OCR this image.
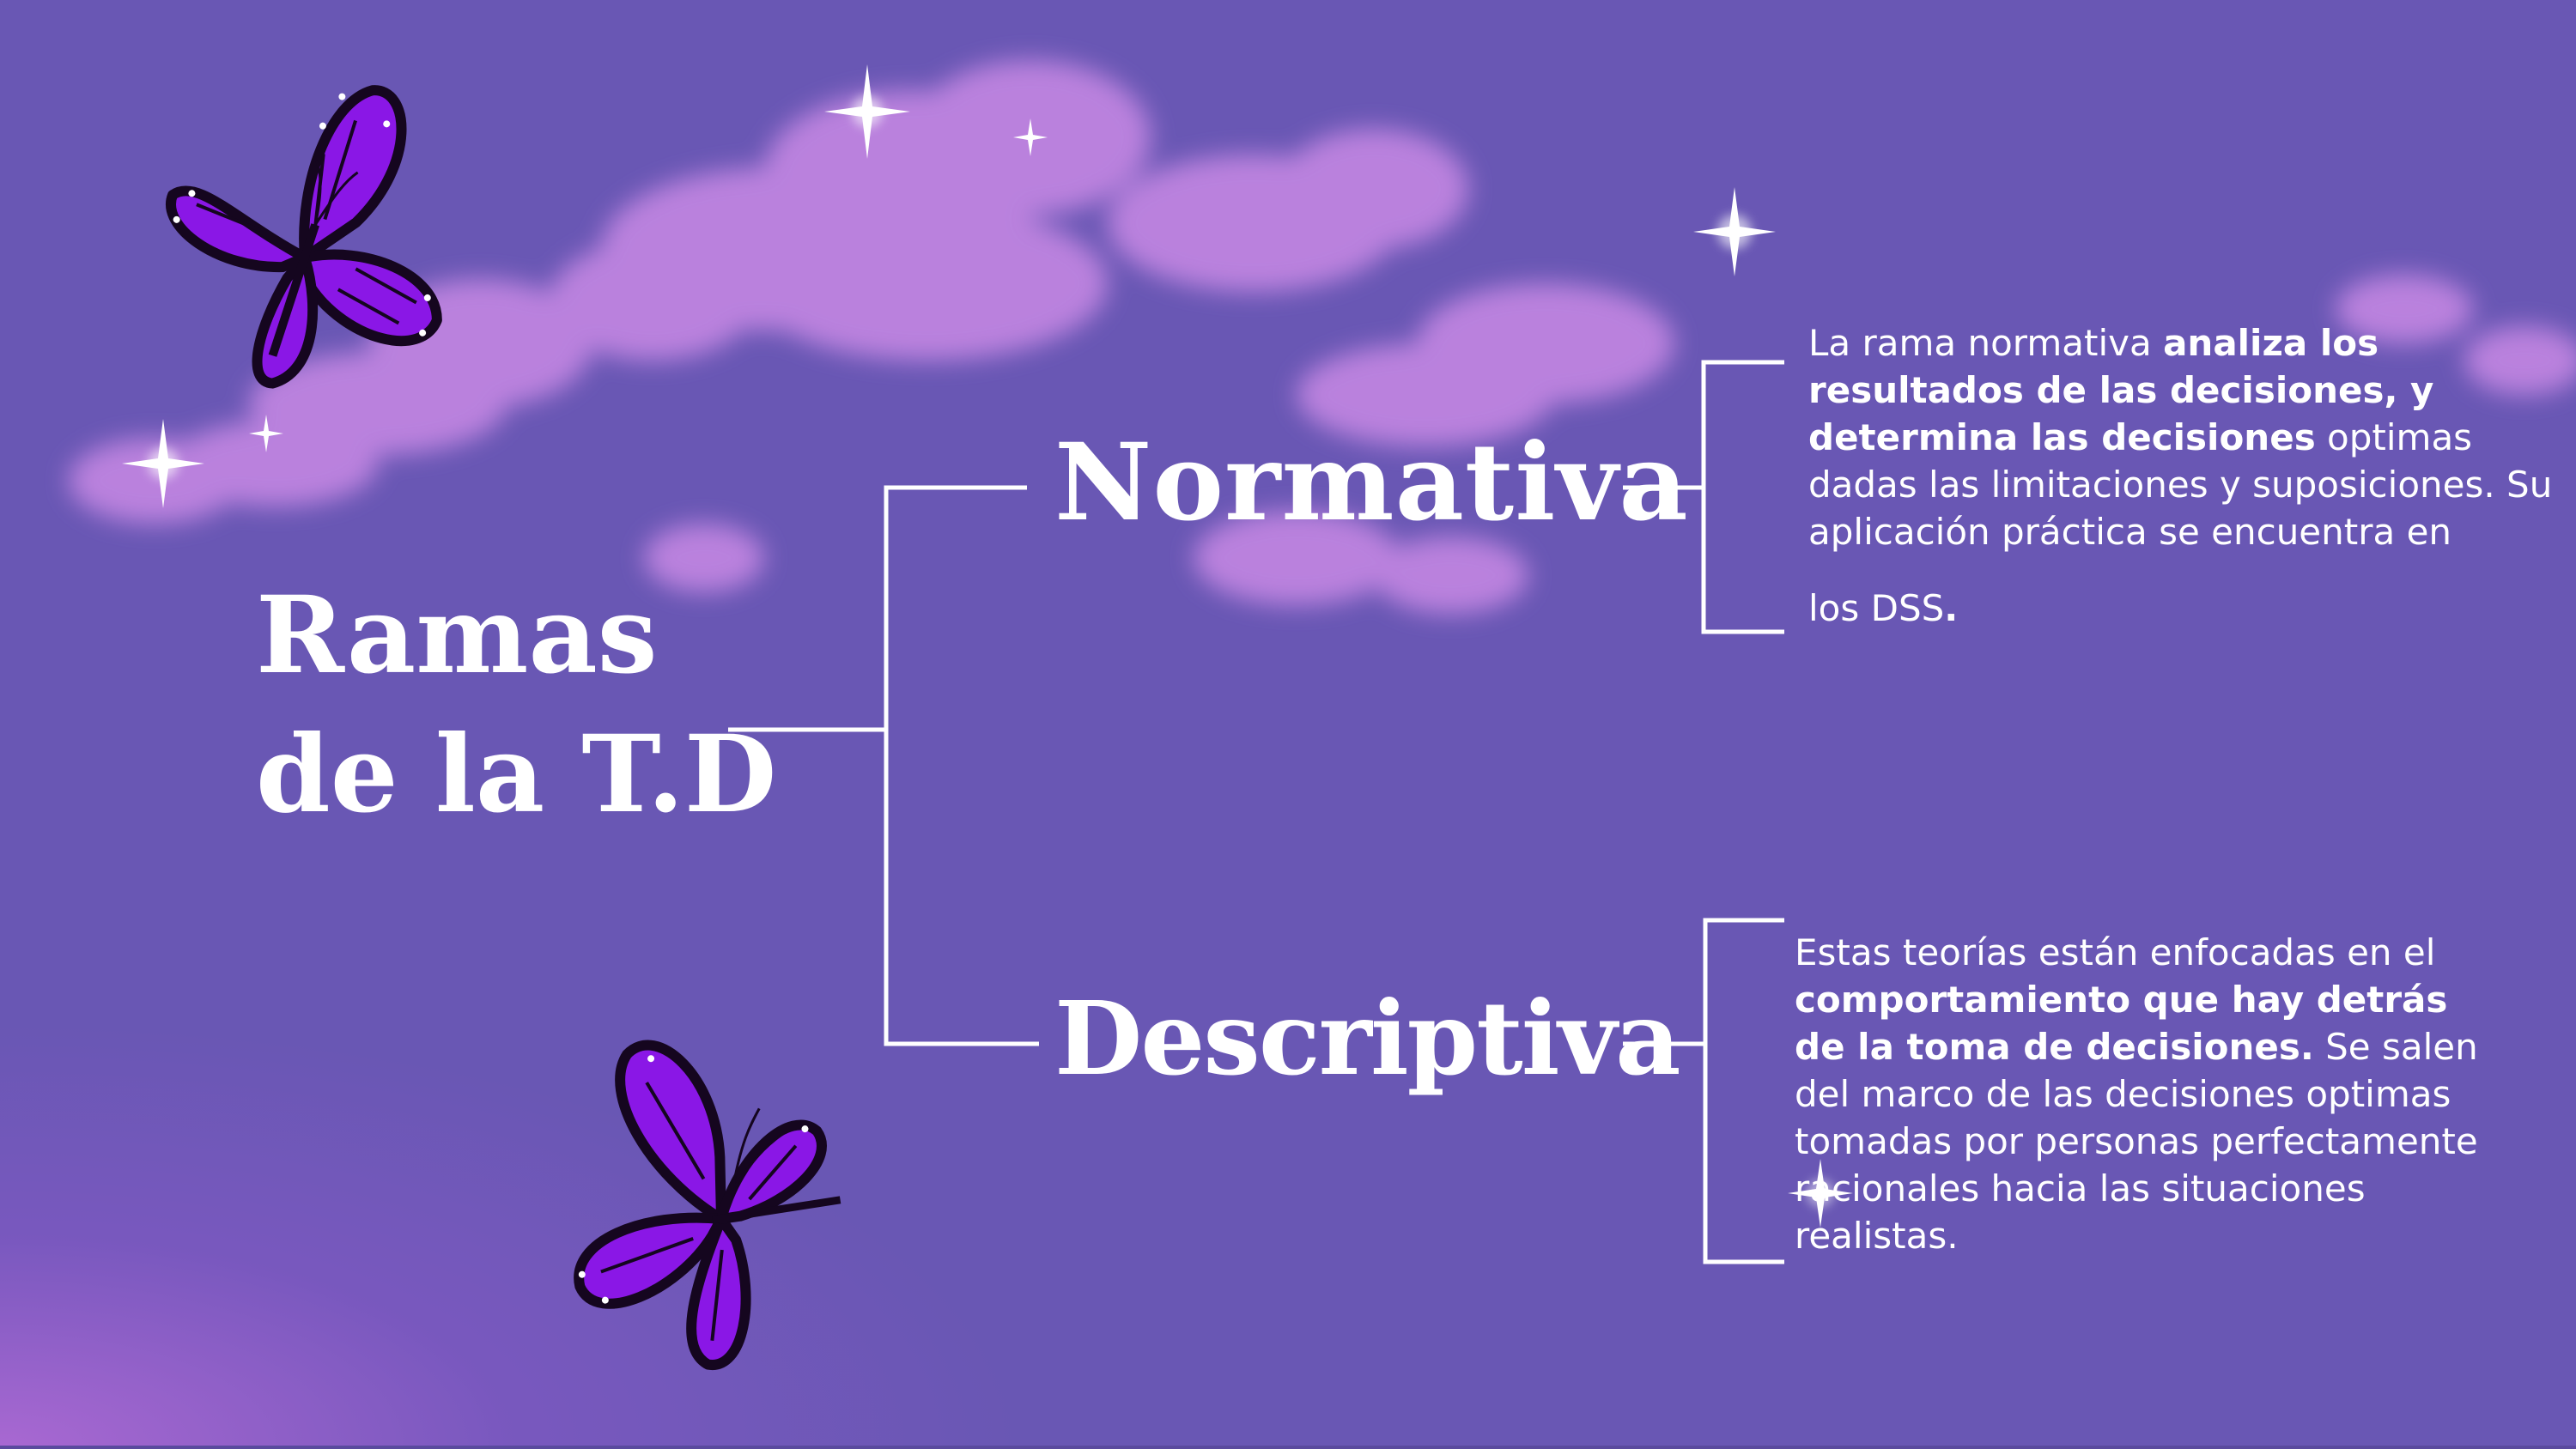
Ramas
de la T.D
Normativa
Descriptiva
La rama normativa analiza los resultados de las decisiones, y determina las decisiones optimas dadas las limitaciones y suposiciones. Su aplicación práctica se encuentra en
los DSS.
Estas teorías están enfocadas en el comportamiento que hay detrás de la toma de decisiones. Se salen del marco de las decisiones optimas tomadas por personas perfectamente racionales hacia las situaciones realistas.
